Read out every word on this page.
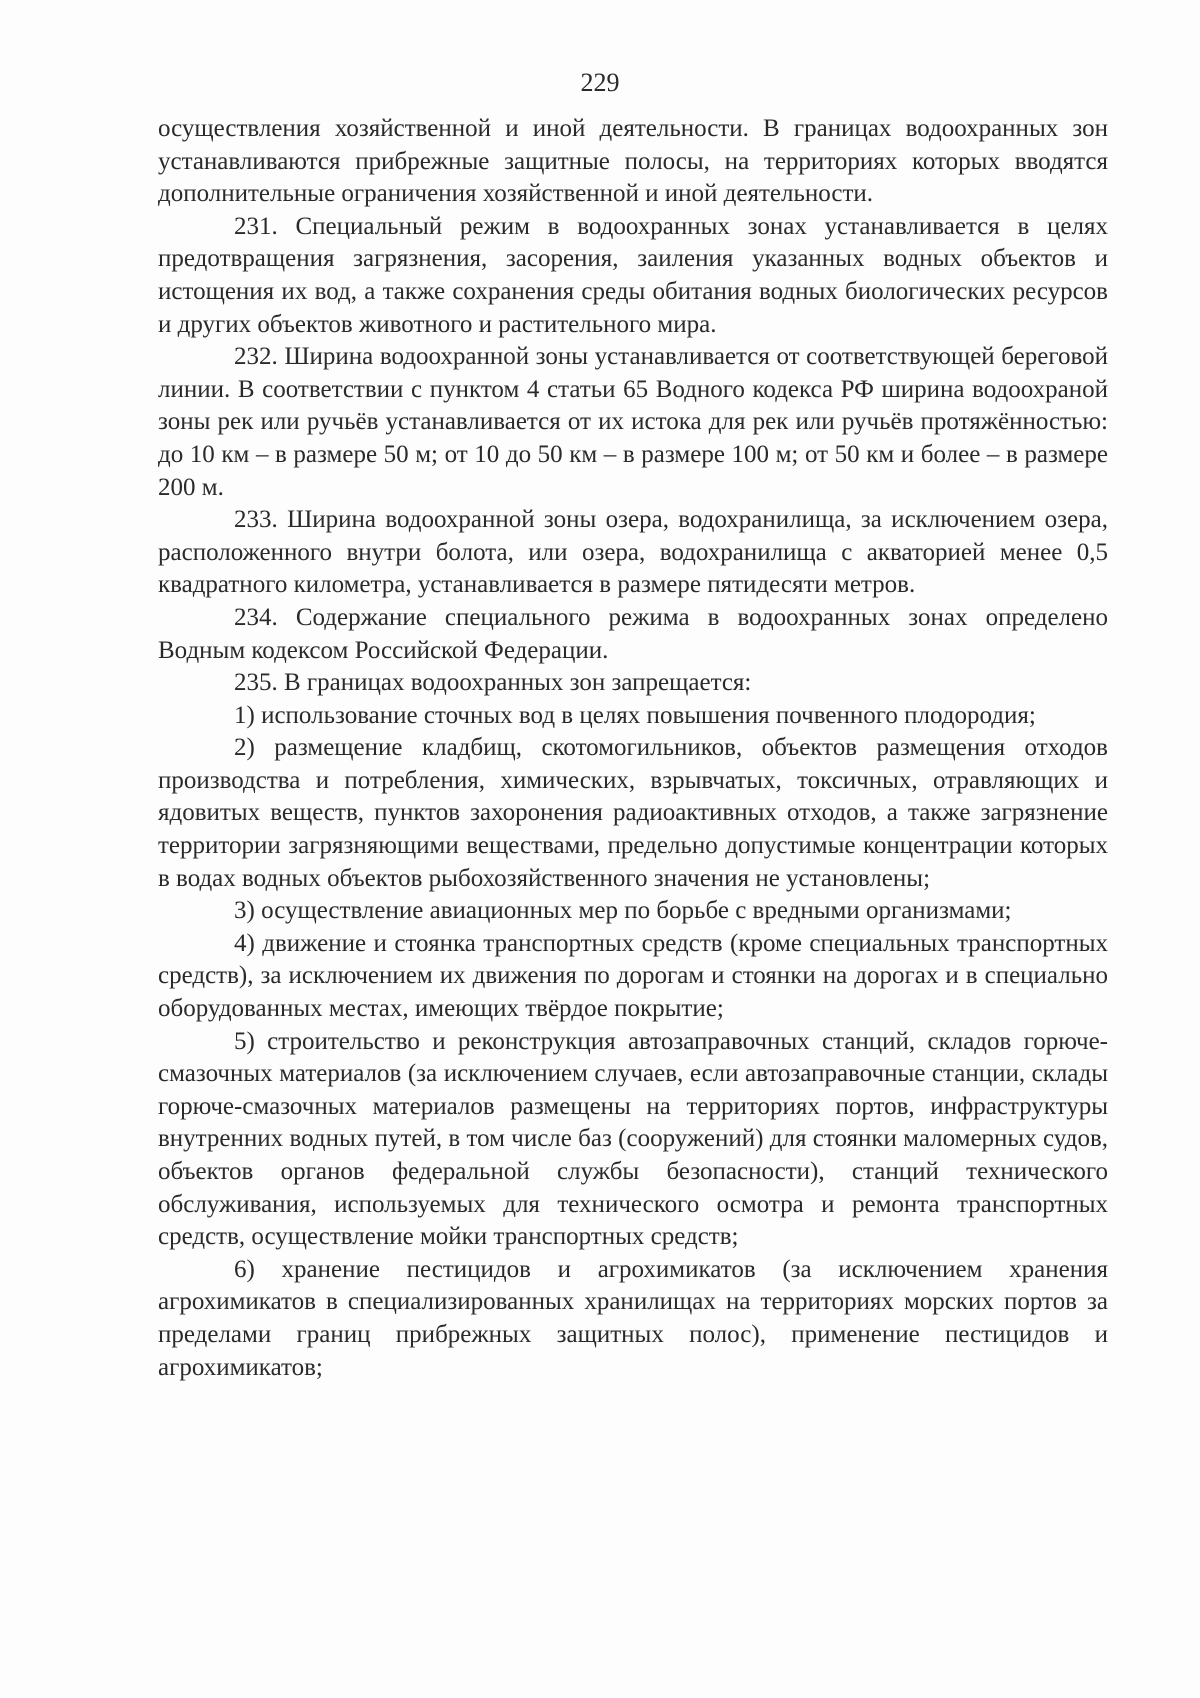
229

осуществления хозяйственной и иной деятельности. В границах водоохранных зон устанавливаются прибрежные защитные полосы, на территориях которых вводятся дополнительные ограничения хозяйственной и иной деятельности.

231. Специальный режим в водоохранных зонах устанавливается в целях предотвращения загрязнения, засорения, заиления указанных водных объектов и истощения их вод, а также сохранения среды обитания водных биологических ресурсов и других объектов животного и растительного мира.

232. Ширина водоохранной зоны устанавливается от соответствующей береговой линии. В соответствии с пунктом 4 статьи 65 Водного кодекса РФ ширина водоохраной зоны рек или ручьёв устанавливается от их истока для рек или ручьёв протяжённостью: до 10 км – в размере 50 м; от 10 до 50 км – в размере 100 м; от 50 км и более – в размере 200 м.

233. Ширина водоохранной зоны озера, водохранилища, за исключением озера, расположенного внутри болота, или озера, водохранилища с акваторией менее 0,5 квадратного километра, устанавливается в размере пятидесяти метров.

234. Содержание специального режима в водоохранных зонах определено Водным кодексом Российской Федерации.

235. В границах водоохранных зон запрещается:

1) использование сточных вод в целях повышения почвенного плодородия;

2) размещение кладбищ, скотомогильников, объектов размещения отходов производства и потребления, химических, взрывчатых, токсичных, отравляющих и ядовитых веществ, пунктов захоронения радиоактивных отходов, а также загрязнение территории загрязняющими веществами, предельно допустимые концентрации которых в водах водных объектов рыбохозяйственного значения не установлены;

3) осуществление авиационных мер по борьбе с вредными организмами;

4) движение и стоянка транспортных средств (кроме специальных транспортных средств), за исключением их движения по дорогам и стоянки на дорогах и в специально оборудованных местах, имеющих твёрдое покрытие;

5) строительство и реконструкция автозаправочных станций, складов горюче-смазочных материалов (за исключением случаев, если автозаправочные станции, склады горюче-смазочных материалов размещены на территориях портов, инфраструктуры внутренних водных путей, в том числе баз (сооружений) для стоянки маломерных судов, объектов органов федеральной службы безопасности), станций технического обслуживания, используемых для технического осмотра и ремонта транспортных средств, осуществление мойки транспортных средств;

6) хранение пестицидов и агрохимикатов (за исключением хранения агрохимикатов в специализированных хранилищах на территориях морских портов за пределами границ прибрежных защитных полос), применение пестицидов и агрохимикатов;
